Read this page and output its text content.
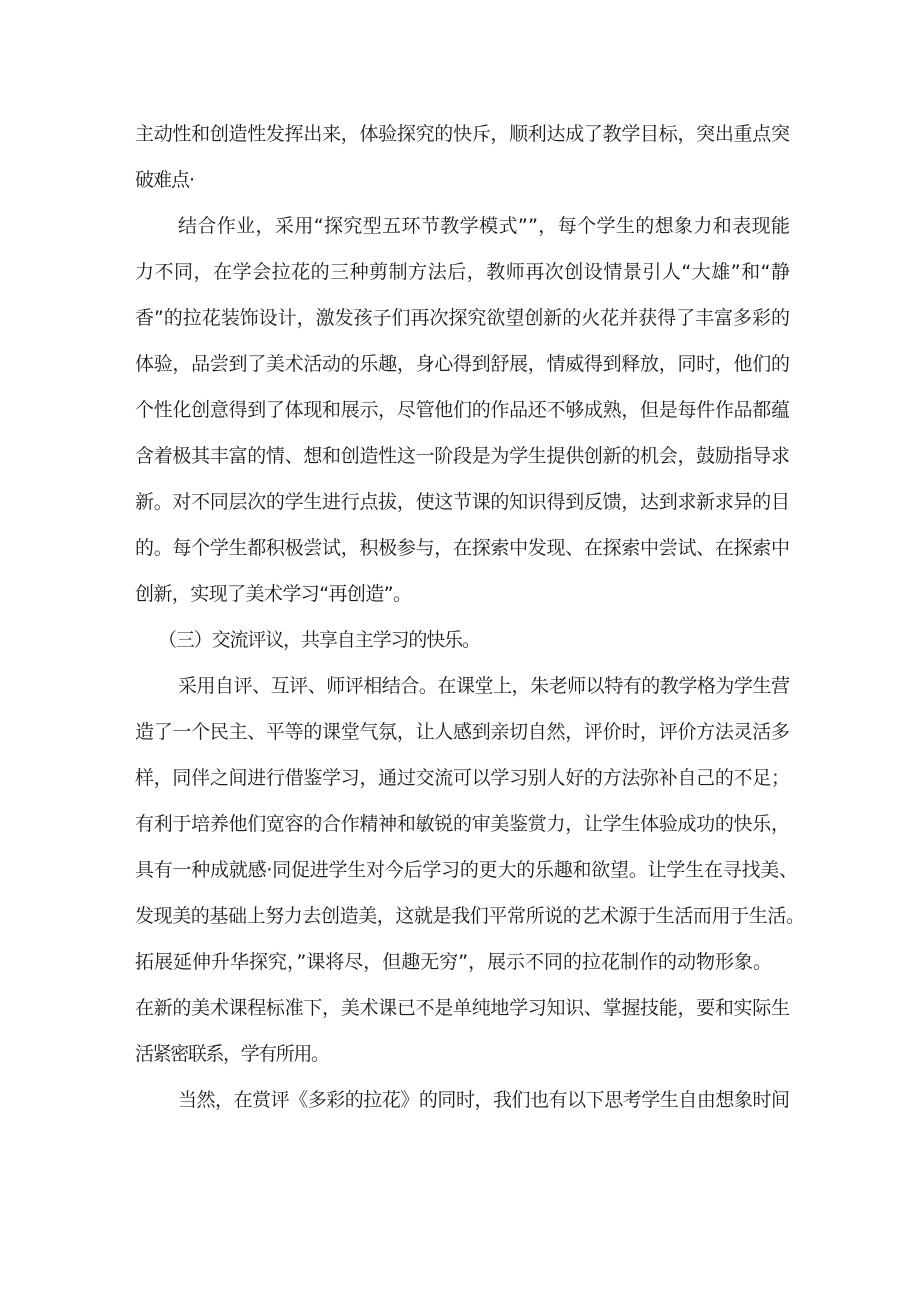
主动性和创造性发挥出来，体验探究的快斥，顺利达成了教学目标，突出重点突
破难点·
结合作业，采用“探究型五环节教学模式””，每个学生的想象力和表现能
力不同，在学会拉花的三种剪制方法后，教师再次创设情景引人“大雄”和“静
香”的拉花装饰设计，激发孩子们再次探究欲望创新的火花并获得了丰富多彩的
体验，品尝到了美术活动的乐趣，身心得到舒展，情威得到释放，同时，他们的
个性化创意得到了体现和展示，尽管他们的作品还不够成熟，但是每件作品都蕴
含着极其丰富的情、想和创造性这一阶段是为学生提供创新的机会，鼓励指导求
新。对不同层次的学生进行点拔，使这节课的知识得到反馈，达到求新求异的目
的。每个学生都积极尝试，积极参与，在探索中发现、在探索中尝试、在探索中
创新，实现了美术学习“再创造”。
（三）交流评议，共享自主学习的快乐。
采用自评、互评、师评相结合。在课堂上，朱老师以特有的教学格为学生营
造了一个民主、平等的课堂气氛，让人感到亲切自然，评价时，评价方法灵活多
样，同伴之间进行借鉴学习，通过交流可以学习别人好的方法弥补自己的不足；
有利于培养他们宽容的合作精神和敏锐的审美鉴赏力，让学生体验成功的快乐，
具有一种成就感·同促进学生对今后学习的更大的乐趣和欲望。让学生在寻找美、
发现美的基础上努力去创造美，这就是我们平常所说的艺术源于生活而用于生活。
拓展延伸升华探究，”课将尽，但趣无穷”，展示不同的拉花制作的动物形象。
在新的美术课程标准下，美术课已不是单纯地学习知识、掌握技能，要和实际生
活紧密联系，学有所用。
当然，在赏评《多彩的拉花》的同时，我们也有以下思考学生自由想象时间
